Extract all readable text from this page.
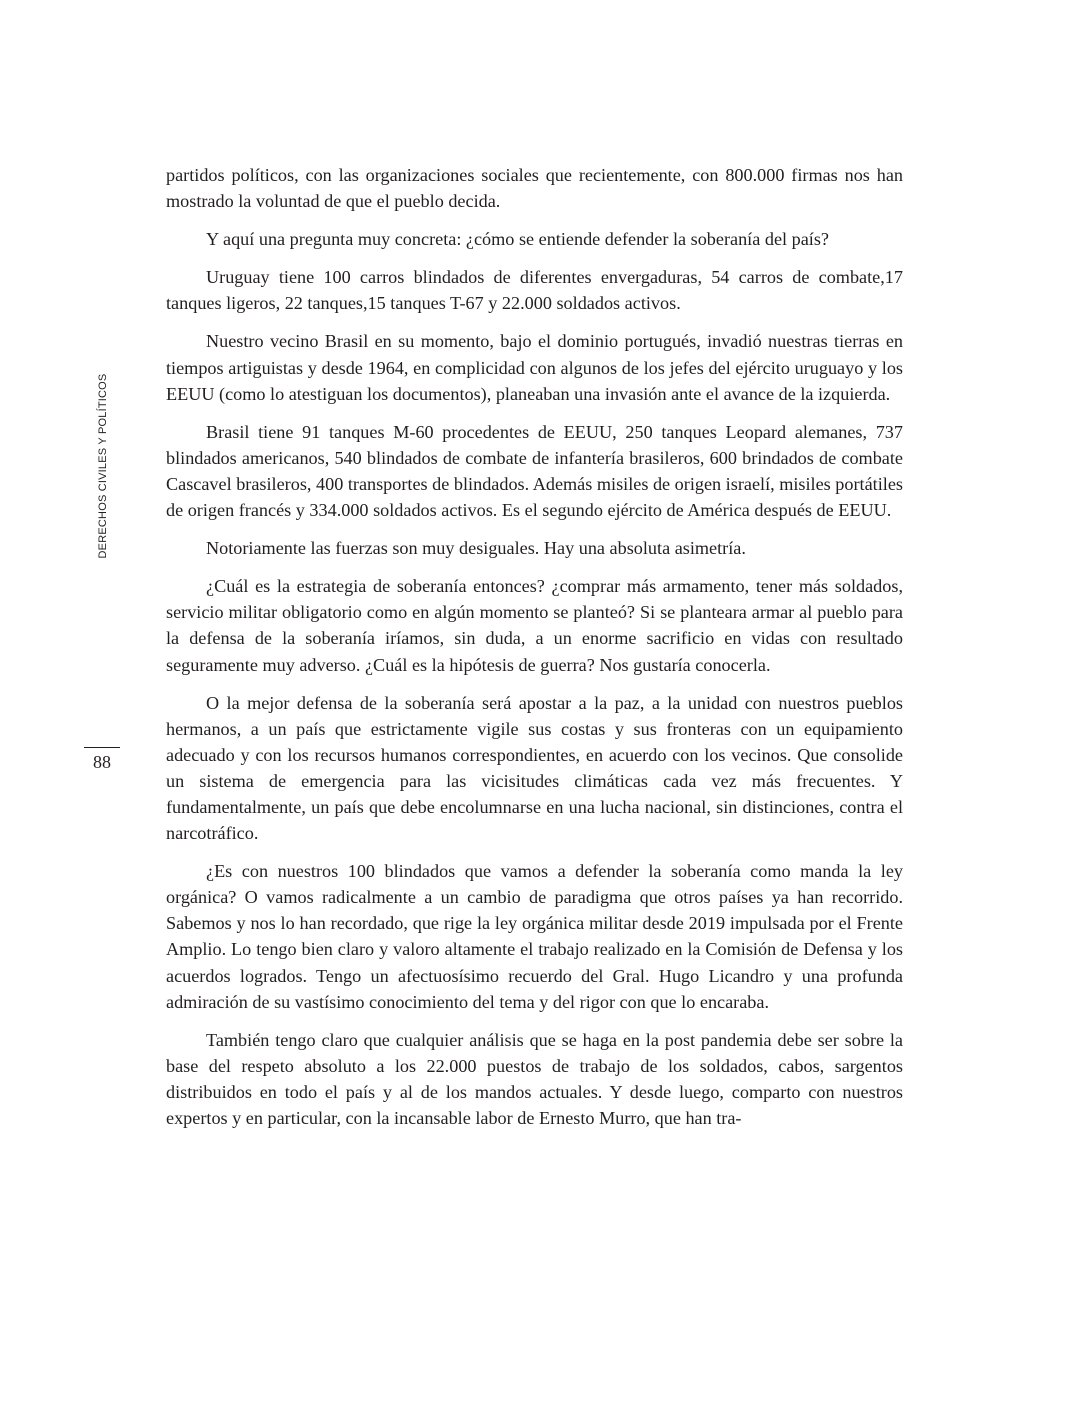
DERECHOS CIVILES Y POLÍTICOS
88

partidos políticos, con las organizaciones sociales que recientemente, con 800.000 firmas nos han mostrado la voluntad de que el pueblo decida.

Y aquí una pregunta muy concreta: ¿cómo se entiende defender la soberanía del país?

Uruguay tiene 100 carros blindados de diferentes envergaduras, 54 carros de combate,17 tanques ligeros, 22 tanques,15 tanques T-67 y 22.000 soldados activos.

Nuestro vecino Brasil en su momento, bajo el dominio portugués, invadió nuestras tierras en tiempos artiguistas y desde 1964, en complicidad con algunos de los jefes del ejército uruguayo y los EEUU (como lo atestiguan los documentos), planeaban una invasión ante el avance de la izquierda.

Brasil tiene 91 tanques M-60 procedentes de EEUU, 250 tanques Leopard alemanes, 737 blindados americanos, 540 blindados de combate de infantería brasileros, 600 brindados de combate Cascavel brasileros, 400 transportes de blindados. Además misiles de origen israelí, misiles portátiles de origen francés y 334.000 soldados activos. Es el segundo ejército de América después de EEUU.

Notoriamente las fuerzas son muy desiguales. Hay una absoluta asimetría.

¿Cuál es la estrategia de soberanía entonces? ¿comprar más armamento, tener más soldados, servicio militar obligatorio como en algún momento se planteó? Si se planteara armar al pueblo para la defensa de la soberanía iríamos, sin duda, a un enorme sacrificio en vidas con resultado seguramente muy adverso. ¿Cuál es la hipótesis de guerra? Nos gustaría conocerla.

O la mejor defensa de la soberanía será apostar a la paz, a la unidad con nuestros pueblos hermanos, a un país que estrictamente vigile sus costas y sus fronteras con un equipamiento adecuado y con los recursos humanos correspondientes, en acuerdo con los vecinos. Que consolide un sistema de emergencia para las vicisitudes climáticas cada vez más frecuentes. Y fundamentalmente, un país que debe encolumnarse en una lucha nacional, sin distinciones, contra el narcotráfico.

¿Es con nuestros 100 blindados que vamos a defender la soberanía como manda la ley orgánica? O vamos radicalmente a un cambio de paradigma que otros países ya han recorrido. Sabemos y nos lo han recordado, que rige la ley orgánica militar desde 2019 impulsada por el Frente Amplio. Lo tengo bien claro y valoro altamente el trabajo realizado en la Comisión de Defensa y los acuerdos logrados. Tengo un afectuosísimo recuerdo del Gral. Hugo Licandro y una profunda admiración de su vastísimo conocimiento del tema y del rigor con que lo encaraba.

También tengo claro que cualquier análisis que se haga en la post pandemia debe ser sobre la base del respeto absoluto a los 22.000 puestos de trabajo de los soldados, cabos, sargentos distribuidos en todo el país y al de los mandos actuales. Y desde luego, comparto con nuestros expertos y en particular, con la incansable labor de Ernesto Murro, que han tra-
